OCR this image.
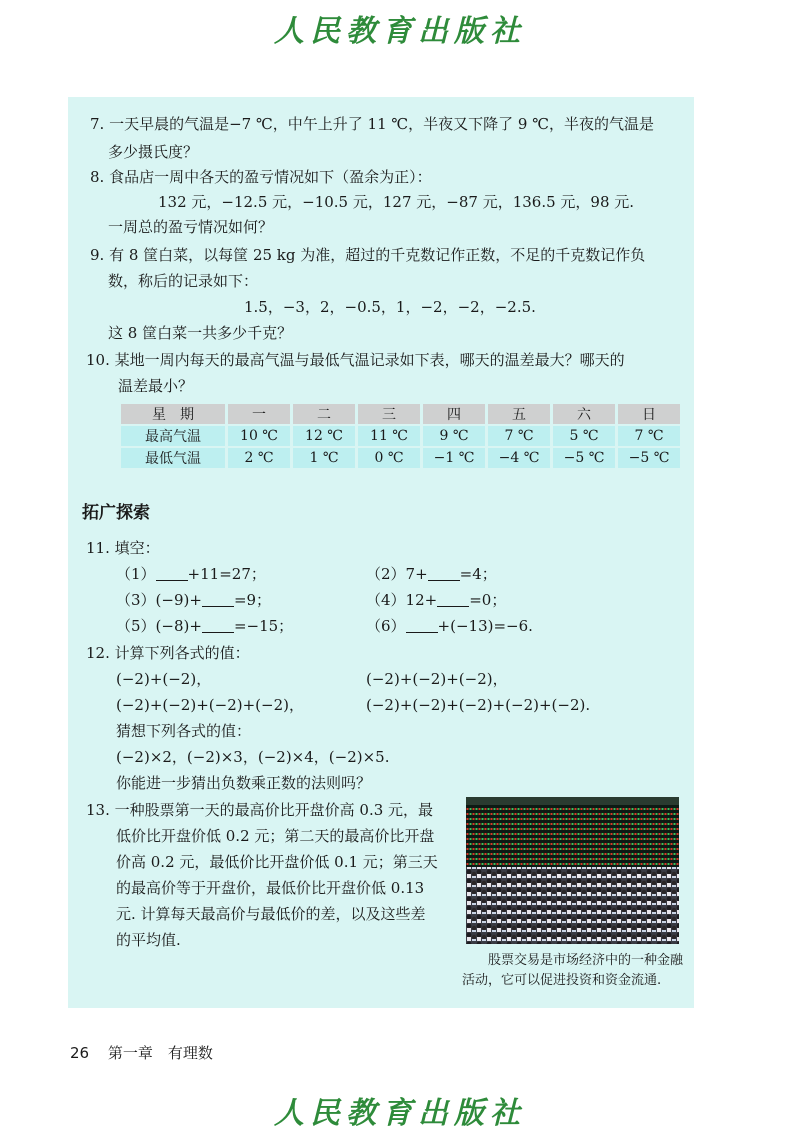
人民教育出版社
7. 一天早晨的气温是−7 ℃，中午上升了 11 ℃，半夜又下降了 9 ℃，半夜的气温是
多少摄氏度？
8. 食品店一周中各天的盈亏情况如下（盈余为正）：
132 元，−12.5 元，−10.5 元，127 元，−87 元，136.5 元，98 元.
一周总的盈亏情况如何？
9. 有 8 筐白菜，以每筐 25 kg 为准，超过的千克数记作正数，不足的千克数记作负
数，称后的记录如下：
1.5，−3，2，−0.5，1，−2，−2，−2.5.
这 8 筐白菜一共多少千克？
10. 某地一周内每天的最高气温与最低气温记录如下表，哪天的温差最大？哪天的
温差最小？
星　期	一	二	三	四	五	六	日
最高气温	10 ℃	12 ℃	11 ℃	9 ℃	7 ℃	5 ℃	7 ℃
最低气温	2 ℃	1 ℃	0 ℃	−1 ℃	−4 ℃	−5 ℃	−5 ℃
拓广探索
11. 填空：
（1） +11=27；	（2）7+ =4；
（3）(−9)+ =9；	（4）12+ =0；
（5）(−8)+ =−15；	（6） +(−13)=−6.
12. 计算下列各式的值：
(−2)+(−2)，	(−2)+(−2)+(−2)，
(−2)+(−2)+(−2)+(−2)，	(−2)+(−2)+(−2)+(−2)+(−2).
猜想下列各式的值：
(−2)×2，(−2)×3，(−2)×4，(−2)×5.
你能进一步猜出负数乘正数的法则吗？
13. 一种股票第一天的最高价比开盘价高 0.3 元，最
低价比开盘价低 0.2 元；第二天的最高价比开盘
价高 0.2 元，最低价比开盘价低 0.1 元；第三天
的最高价等于开盘价，最低价比开盘价低 0.13
元. 计算每天最高价与最低价的差，以及这些差
的平均值.
股票交易是市场经济中的一种金融活动，它可以促进投资和资金流通.
26 第一章　有理数
人民教育出版社
